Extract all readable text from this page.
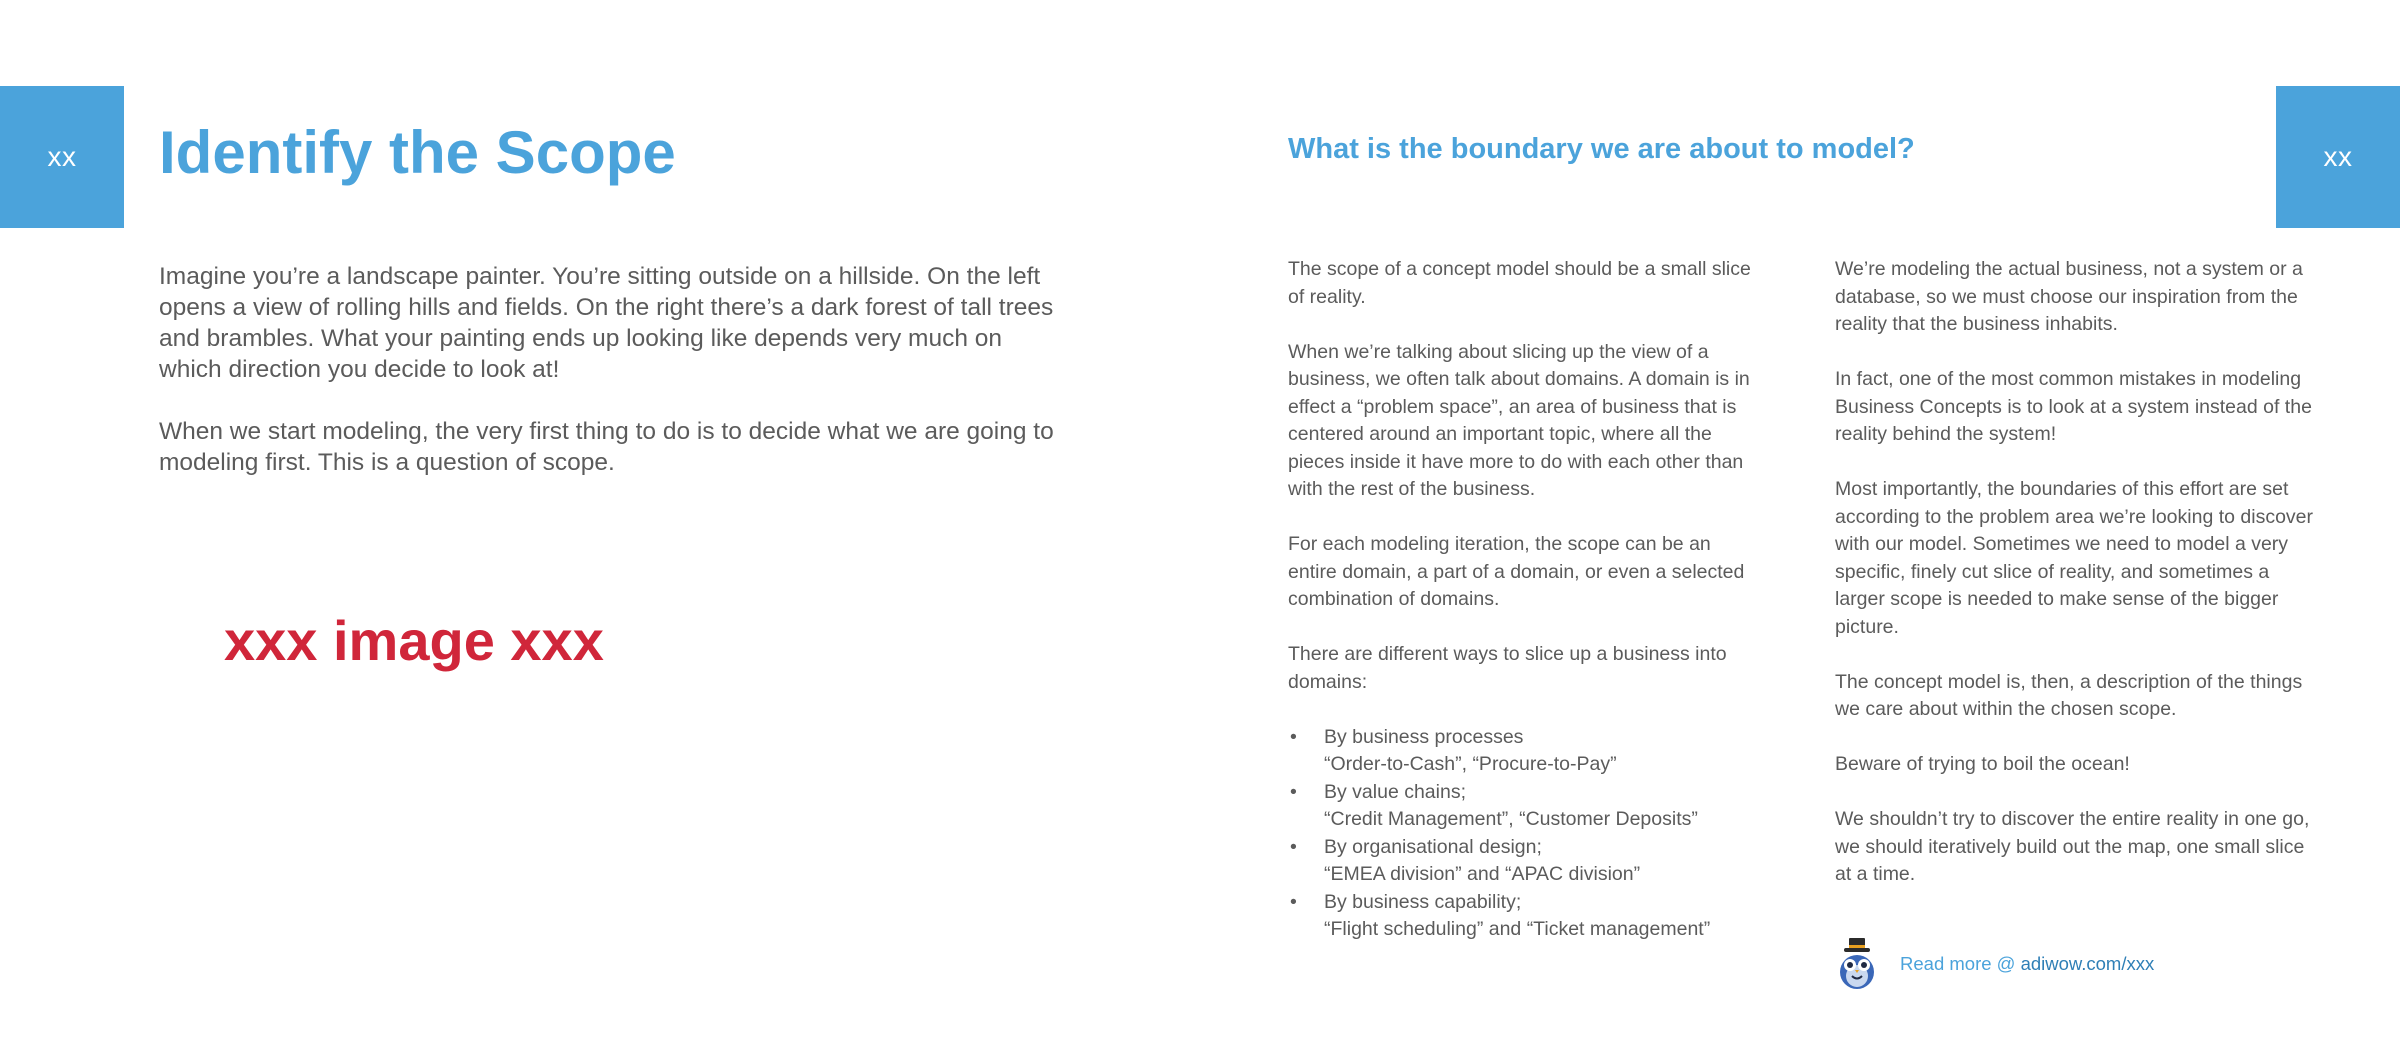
xx	xx
Identify the Scope

Imagine you’re a landscape painter. You’re sitting outside on a hillside. On the left opens a view of rolling hills and fields. On the right there’s a dark forest of tall trees and brambles. What your painting ends up looking like depends very much on which direction you decide to look at!

When we start modeling, the very first thing to do is to decide what we are going to modeling first. This is a question of scope.

xxx image xxx
What is the boundary we are about to model?

The scope of a concept model should be a small slice of reality.

When we’re talking about slicing up the view of a business, we often talk about domains. A domain is in effect a “problem space”, an area of business that is centered around an important topic, where all the pieces inside it have more to do with each other than with the rest of the business.

For each modeling iteration, the scope can be an entire domain, a part of a domain, or even a selected combination of domains.

There are different ways to slice up a business into domains:

• By business processes
“Order-to-Cash”, “Procure-to-Pay”
• By value chains;
“Credit Management”, “Customer Deposits”
• By organisational design;
“EMEA division” and “APAC division”
• By business capability;
“Flight scheduling” and “Ticket management”

We’re modeling the actual business, not a system or a database, so we must choose our inspiration from the reality that the business inhabits.

In fact, one of the most common mistakes in modeling Business Concepts is to look at a system instead of the reality behind the system!

Most importantly, the boundaries of this effort are set according to the problem area we’re looking to discover with our model. Sometimes we need to model a very specific, finely cut slice of reality, and sometimes a larger scope is needed to make sense of the bigger picture.

The concept model is, then, a description of the things we care about within the chosen scope.

Beware of trying to boil the ocean!

We shouldn’t try to discover the entire reality in one go, we should iteratively build out the map, one small slice at a time.

Read more @ adiwow.com/xxx
